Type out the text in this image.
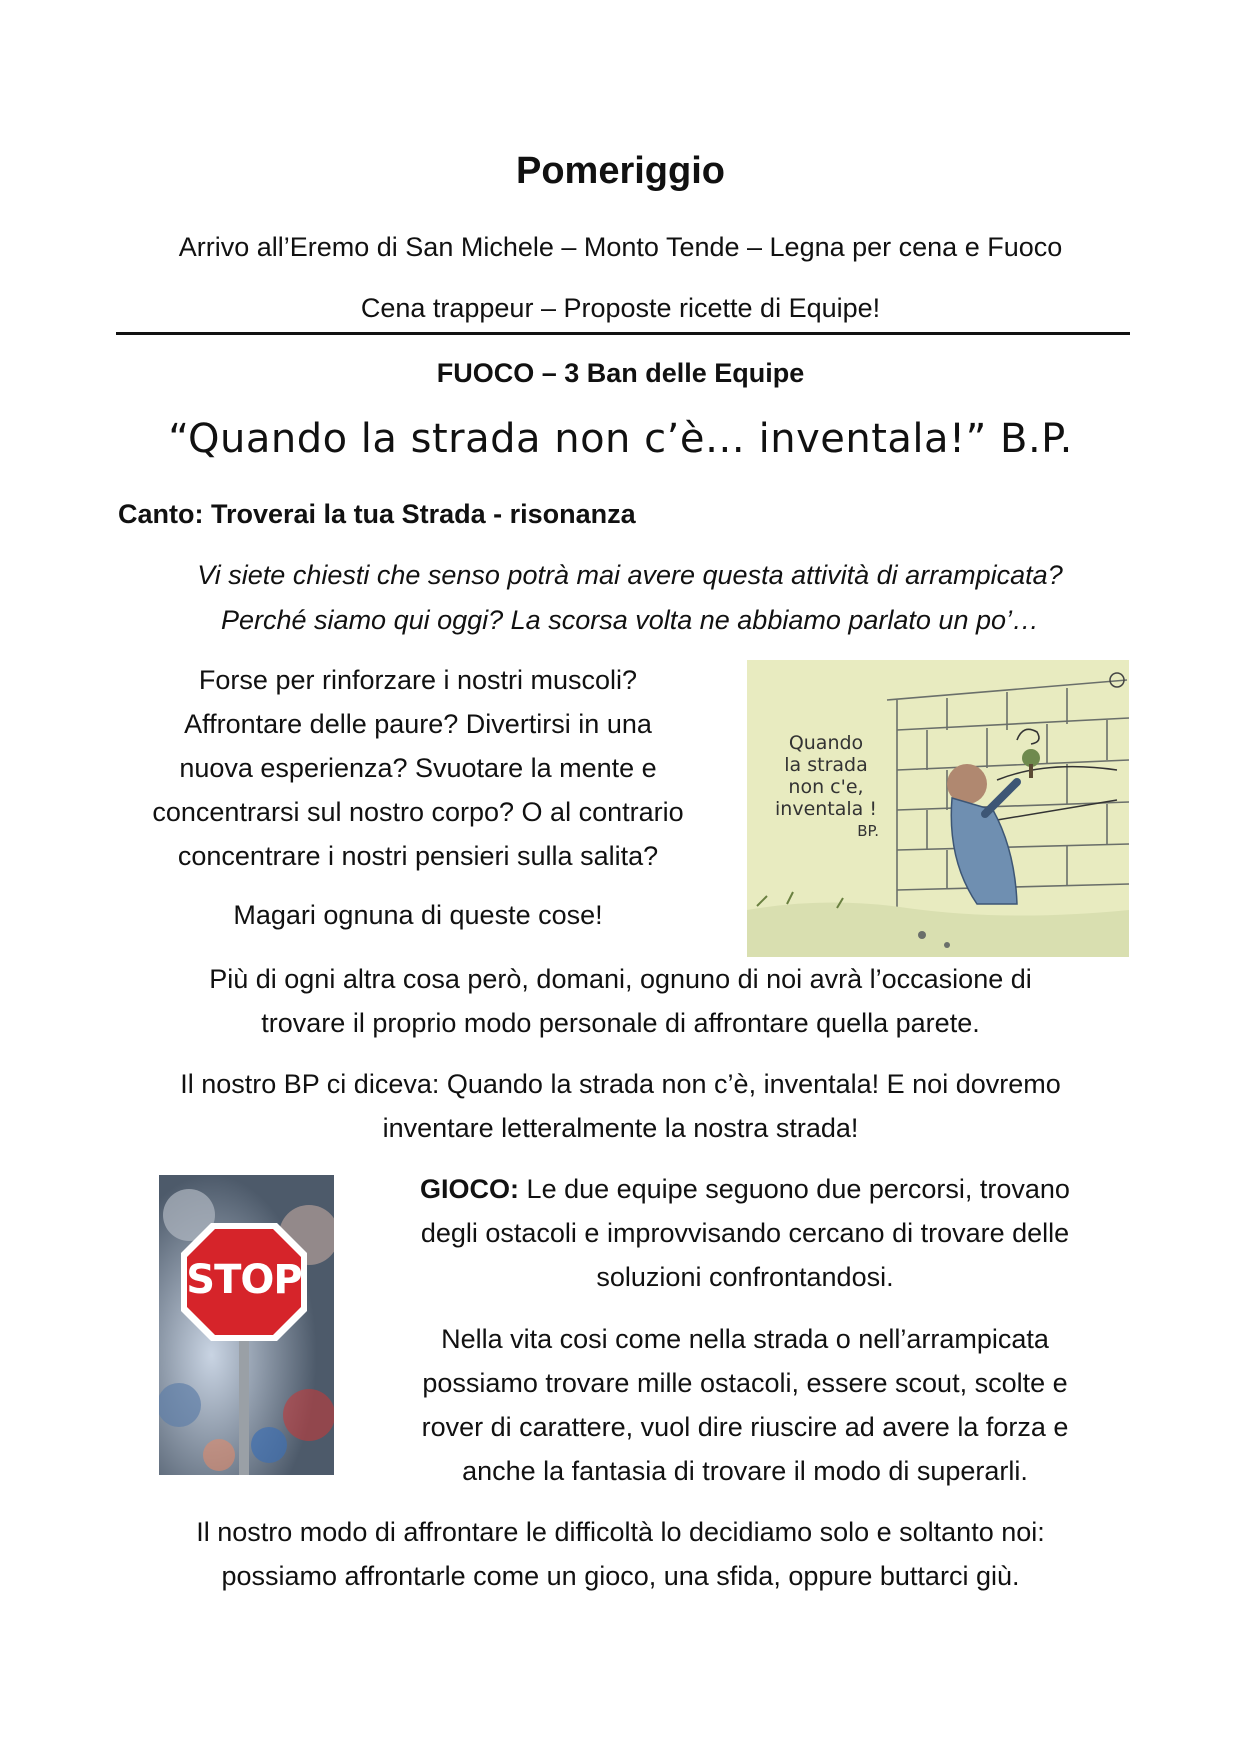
Pomeriggio
Arrivo all’Eremo di San Michele – Monto Tende – Legna per cena e Fuoco
Cena trappeur – Proposte ricette di Equipe!
FUOCO – 3 Ban delle Equipe
“Quando la strada non c’è… inventala!” B.P.
Canto: Troverai la tua Strada - risonanza
Vi siete chiesti che senso potrà mai avere questa attività di arrampicata?
Perché siamo qui oggi? La scorsa volta ne abbiamo parlato un po’…
Forse per rinforzare i nostri muscoli?
Affrontare delle paure? Divertirsi in una
nuova esperienza? Svuotare la mente e
concentrarsi sul nostro corpo? O al contrario
concentrare i nostri pensieri sulla salita?
Magari ognuna di queste cose!
Quando
la strada
non c'e,
inventala !
BP.
Più di ogni altra cosa però, domani, ognuno di noi avrà l’occasione di
trovare il proprio modo personale di affrontare quella parete.
Il nostro BP ci diceva: Quando la strada non c’è, inventala! E noi dovremo
inventare letteralmente la nostra strada!
STOP
GIOCO: Le due equipe seguono due percorsi, trovano
degli ostacoli e improvvisando cercano di trovare delle
soluzioni confrontandosi.
Nella vita cosi come nella strada o nell’arrampicata
possiamo trovare mille ostacoli, essere scout, scolte e
rover di carattere, vuol dire riuscire ad avere la forza e
anche la fantasia di trovare il modo di superarli.
Il nostro modo di affrontare le difficoltà lo decidiamo solo e soltanto noi:
possiamo affrontarle come un gioco, una sfida, oppure buttarci giù.
